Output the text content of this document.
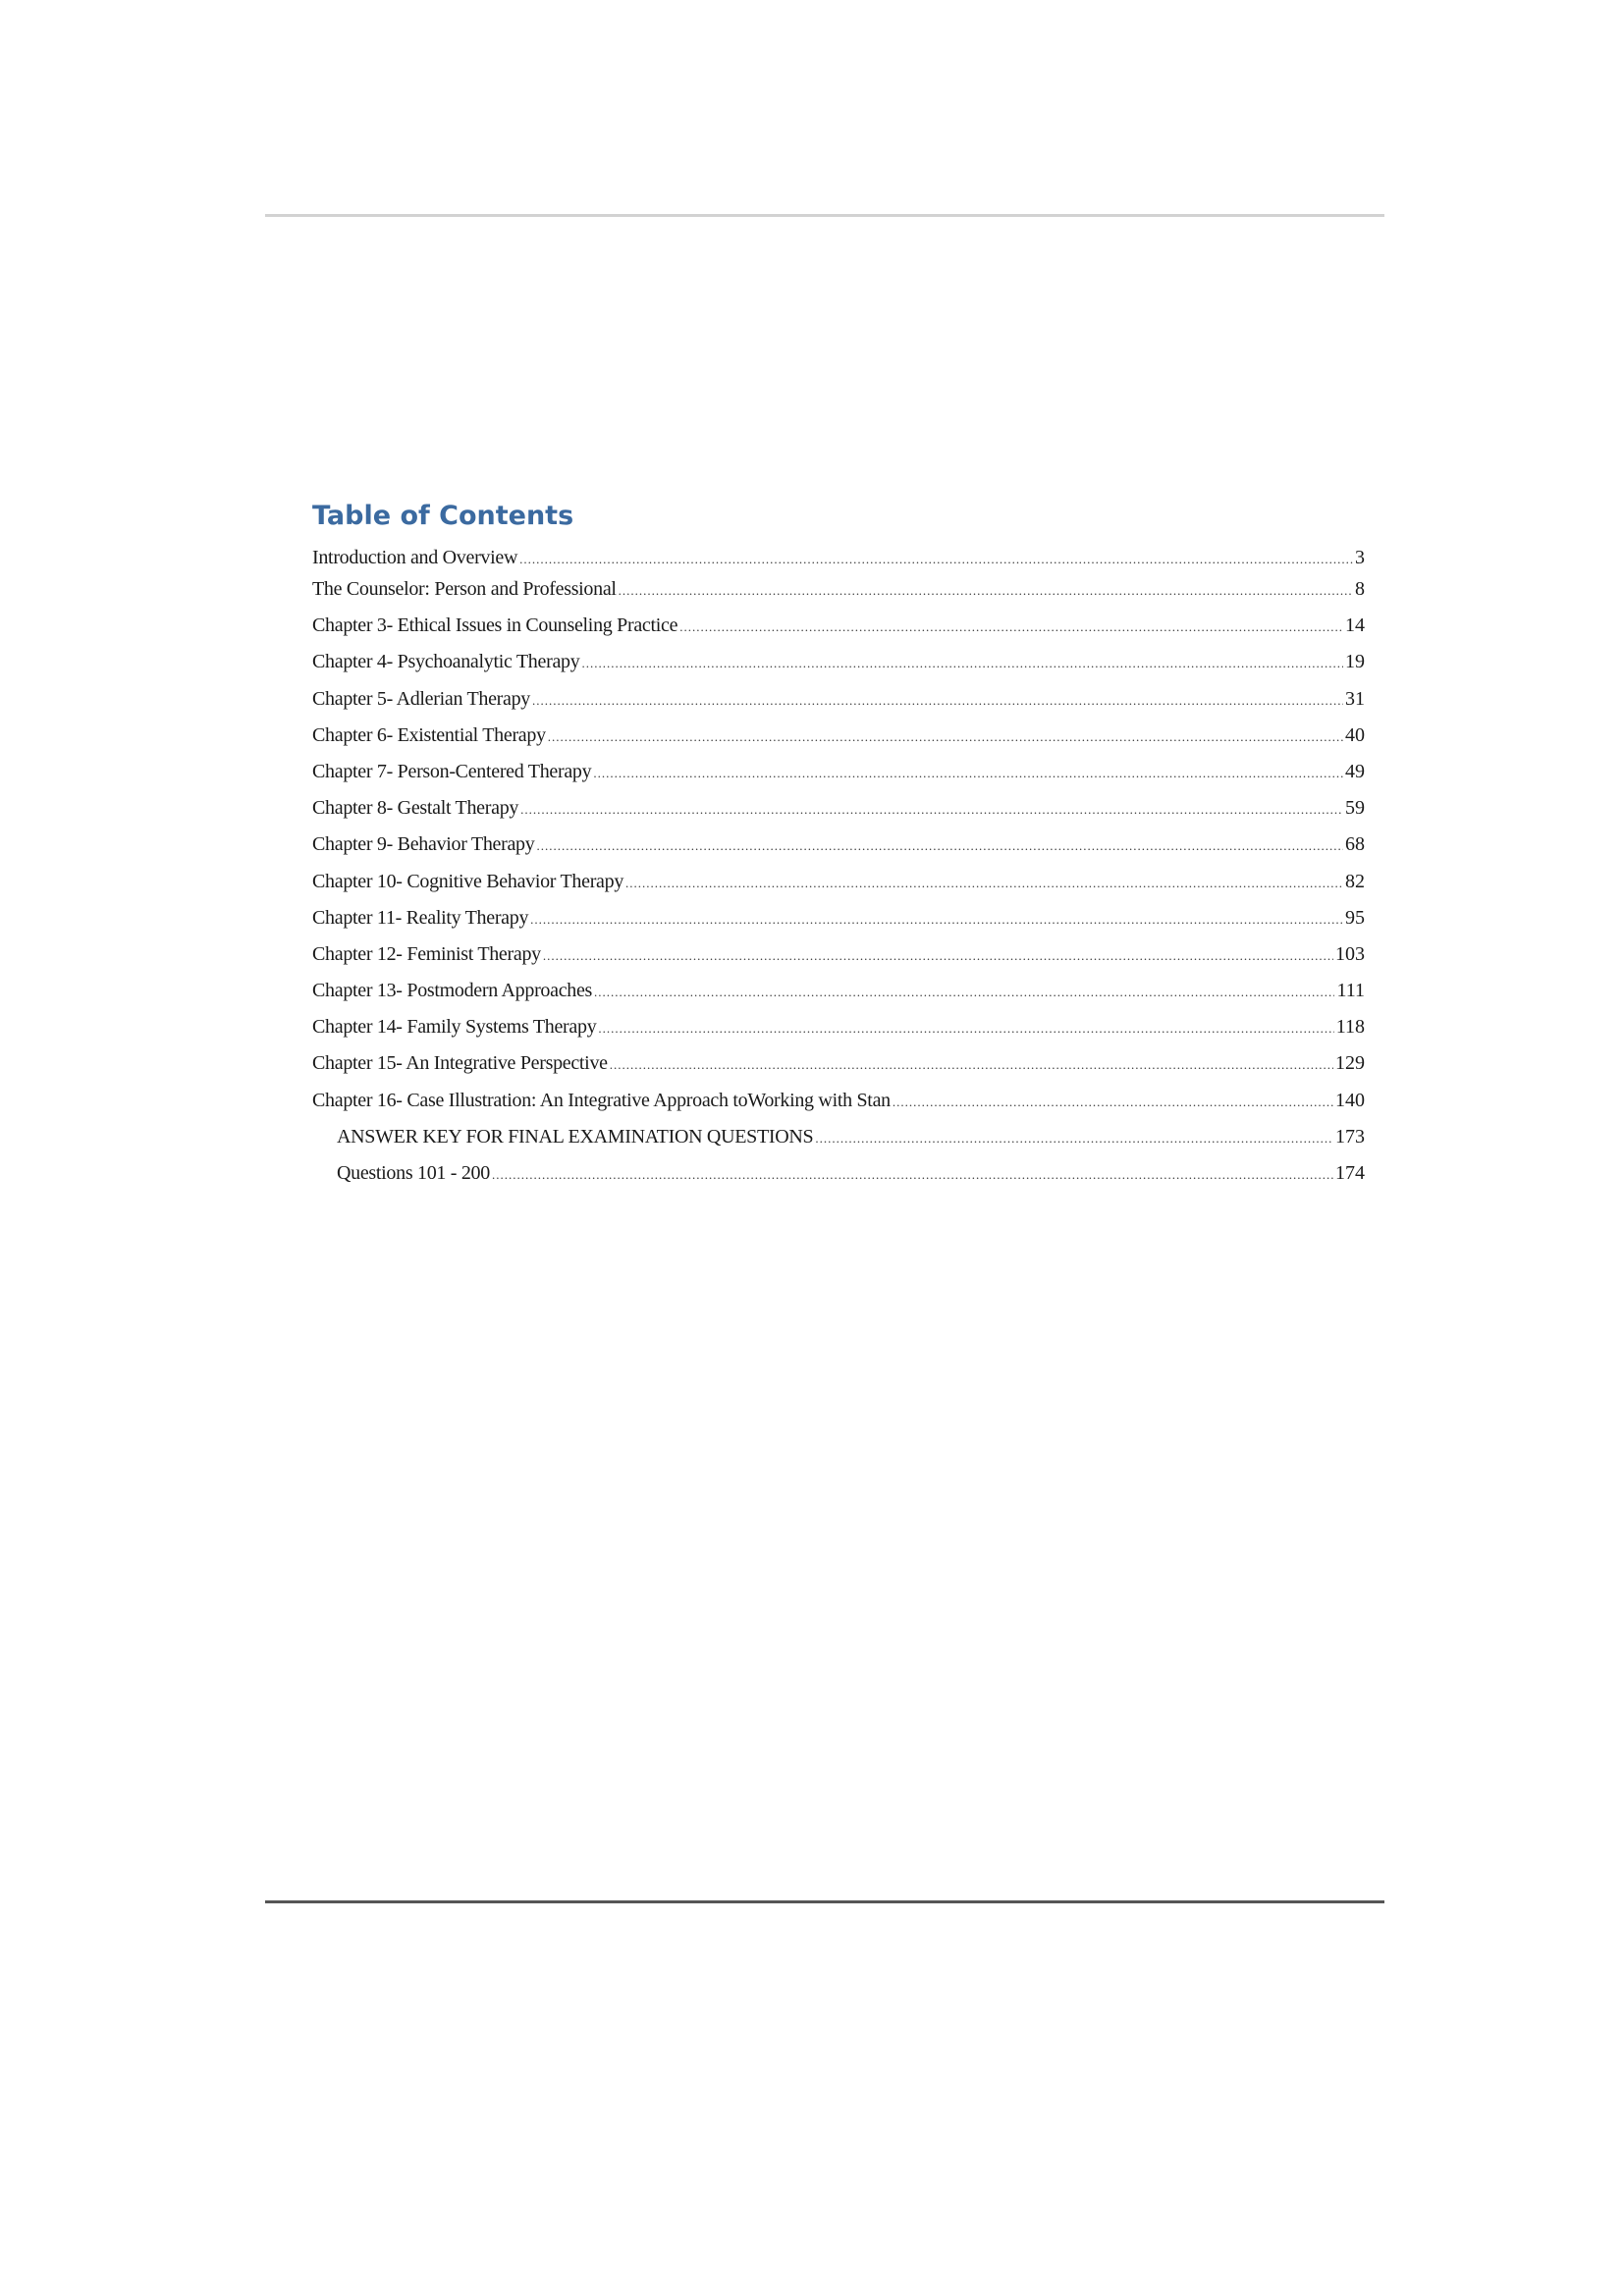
Table of Contents
Introduction and Overview .....	3
The Counselor: Person and Professional .....	8
Chapter 3- Ethical Issues in Counseling Practice .....	14
Chapter 4- Psychoanalytic Therapy .....	19
Chapter 5- Adlerian Therapy .....	31
Chapter 6- Existential Therapy .....	40
Chapter 7- Person-Centered Therapy .....	49
Chapter 8- Gestalt Therapy .....	59
Chapter 9- Behavior Therapy .....	68
Chapter 10- Cognitive Behavior Therapy .....	82
Chapter 11- Reality Therapy .....	95
Chapter 12- Feminist Therapy .....	103
Chapter 13- Postmodern Approaches .....	111
Chapter 14- Family Systems Therapy .....	118
Chapter 15- An Integrative Perspective .....	129
Chapter 16- Case Illustration: An Integrative Approach toWorking with Stan .....	140
ANSWER KEY FOR FINAL EXAMINATION QUESTIONS .....	173
Questions 101 - 200 .....	174
